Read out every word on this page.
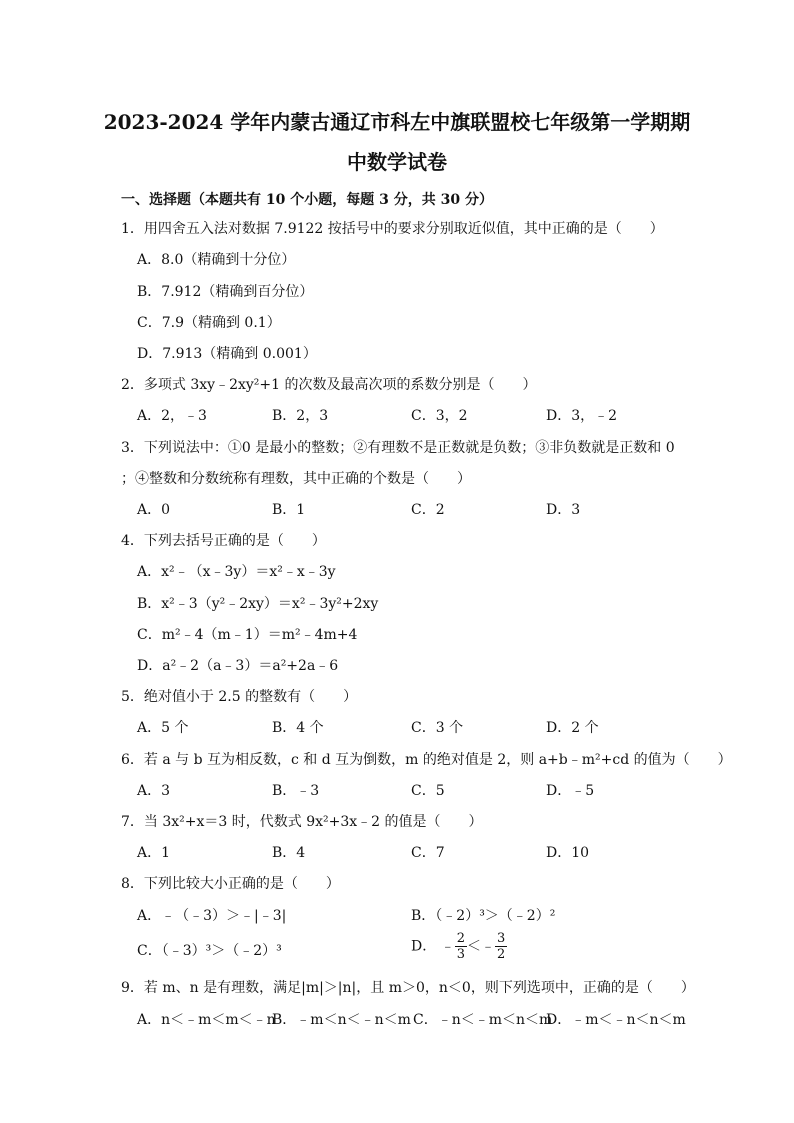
2023-2024 学年内蒙古通辽市科左中旗联盟校七年级第一学期期
中数学试卷
一、选择题（本题共有 10 个小题，每题 3 分，共 30 分）
1．用四舍五入法对数据 7.9122 按括号中的要求分别取近似值，其中正确的是（　　）
A．8.0（精确到十分位）
B．7.912（精确到百分位）
C．7.9（精确到 0.1）
D．7.913（精确到 0.001）
2．多项式 3xy﹣2xy²+1 的次数及最高次项的系数分别是（　　）
A．2，﹣3	B．2，3	C．3，2	D．3，﹣2
3．下列说法中：①0 是最小的整数；②有理数不是正数就是负数；③非负数就是正数和 0
；④整数和分数统称有理数，其中正确的个数是（　　）
A．0	B．1	C．2	D．3
4．下列去括号正确的是（　　）
A．x²﹣（x﹣3y）＝x²﹣x﹣3y
B．x²﹣3（y²﹣2xy）＝x²﹣3y²+2xy
C．m²﹣4（m﹣1）＝m²﹣4m+4
D．a²﹣2（a﹣3）＝a²+2a﹣6
5．绝对值小于 2.5 的整数有（　　）
A．5 个	B．4 个	C．3 个	D．2 个
6．若 a 与 b 互为相反数，c 和 d 互为倒数，m 的绝对值是 2，则 a+b﹣m²+cd 的值为（　　）
A．3	B．﹣3	C．5	D．﹣5
7．当 3x²+x＝3 时，代数式 9x²+3x﹣2 的值是（　　）
A．1	B．4	C．7	D．10
8．下列比较大小正确的是（　　）
A．﹣（﹣3）＞﹣|﹣3|	B．（﹣2）³＞（﹣2）²
C．（﹣3）³＞（﹣2）³	D． ﹣ $\frac{2}{3}$ ＜﹣ $\frac{3}{2}$
9．若 m、n 是有理数，满足|m|＞|n|，且 m＞0，n＜0，则下列选项中，正确的是（　　）
A．n＜﹣m＜m＜﹣n
B．﹣m＜n＜﹣n＜m C．﹣n＜﹣m＜n＜m
D．﹣m＜﹣n＜n＜m
